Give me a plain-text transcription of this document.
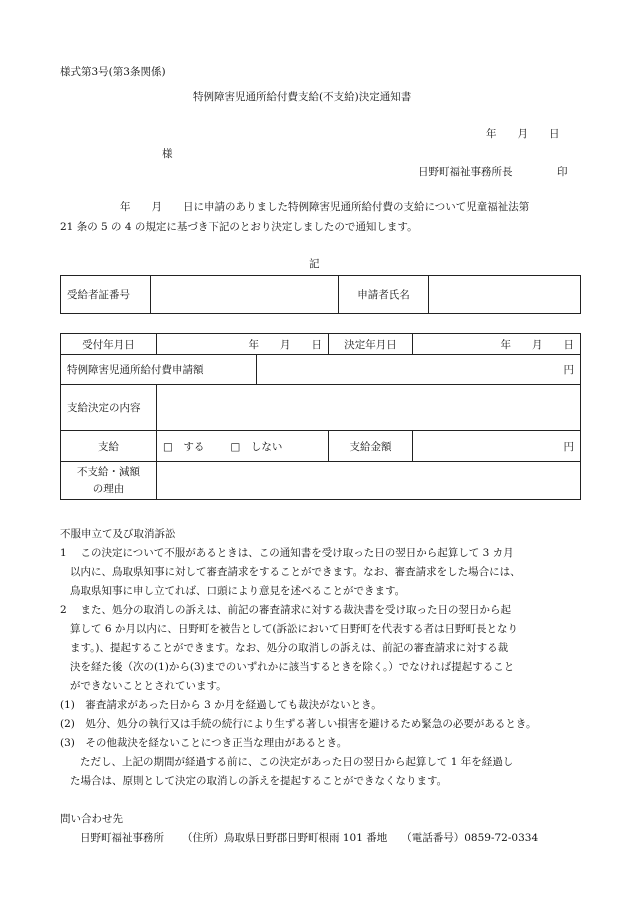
様式第3号(第3条関係)
特例障害児通所給付費支給(不支給)決定通知書
年　　月　　日
様
日野町福祉事務所長	印
年　　月　　日に申請のありました特例障害児通所給付費の支給について児童福祉法第
21 条の 5 の 4 の規定に基づき下記のとおり決定しましたので通知します。
記
受給者証番号		申請者氏名	
受付年月日	年　　月　　日		決定年月日	年　　月　　日
特例障害児通所給付費申請額		円		
支給決定の内容				
支給	□　する □　しない		支給金額	円

不支給・減額
の理由				

不服申立て及び取消訴訟
1　 この決定について不服があるときは、この通知書を受け取った日の翌日から起算して 3 カ月
以内に、鳥取県知事に対して審査請求をすることができます。なお、審査請求をした場合には、
鳥取県知事に申し立てれば、口頭により意見を述べることができます。
2　 また、処分の取消しの訴えは、前記の審査請求に対する裁決書を受け取った日の翌日から起
算して 6 か月以内に、日野町を被告として(訴訟において日野町を代表する者は日野町長となり
ます。)、提起することができます。なお、処分の取消しの訴えは、前記の審査請求に対する裁
決を経た後（次の(1)から(3)までのいずれかに該当するときを除く。）でなければ提起すること
ができないこととされています。
(1)　審査請求があった日から 3 か月を経過しても裁決がないとき。
(2)　処分、処分の執行又は手続の続行により生ずる著しい損害を避けるため緊急の必要があるとき。
(3)　その他裁決を経ないことにつき正当な理由があるとき。
ただし、上記の期間が経過する前に、この決定があった日の翌日から起算して 1 年を経過し
た場合は、原則として決定の取消しの訴えを提起することができなくなります。
問い合わせ先
日野町福祉事務所 （住所）鳥取県日野郡日野町根雨 101 番地 （電話番号）0859-72-0334
